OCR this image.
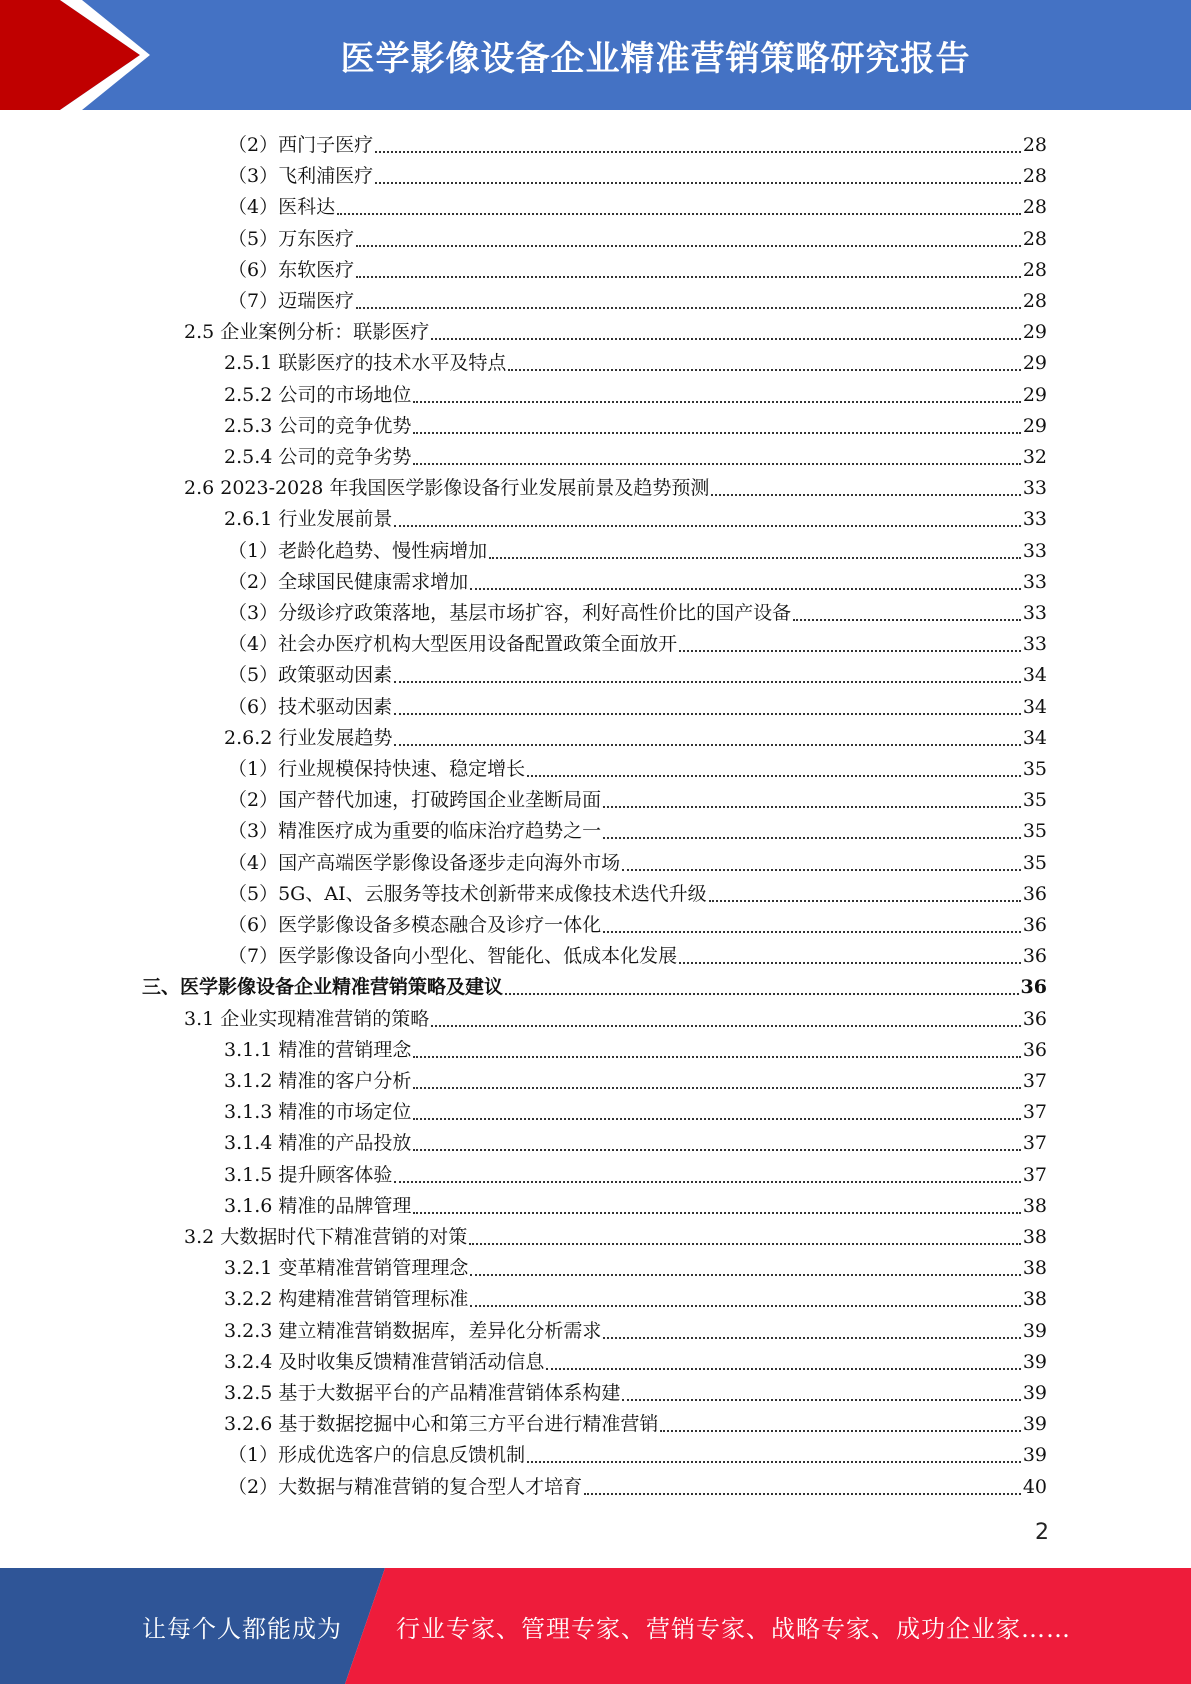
医学影像设备企业精准营销策略研究报告
（2）西门子医疗	28
（3）飞利浦医疗	28
（4）医科达	28
（5）万东医疗	28
（6）东软医疗	28
（7）迈瑞医疗	28
2.5 企业案例分析：联影医疗	29
2.5.1 联影医疗的技术水平及特点	29
2.5.2 公司的市场地位	29
2.5.3 公司的竞争优势	29
2.5.4 公司的竞争劣势	32
2.6 2023-2028 年我国医学影像设备行业发展前景及趋势预测	33
2.6.1 行业发展前景	33
（1）老龄化趋势、慢性病增加	33
（2）全球国民健康需求增加	33
（3）分级诊疗政策落地，基层市场扩容，利好高性价比的国产设备	33
（4）社会办医疗机构大型医用设备配置政策全面放开	33
（5）政策驱动因素	34
（6）技术驱动因素	34
2.6.2 行业发展趋势	34
（1）行业规模保持快速、稳定增长	35
（2）国产替代加速，打破跨国企业垄断局面	35
（3）精准医疗成为重要的临床治疗趋势之一	35
（4）国产高端医学影像设备逐步走向海外市场	35
（5）5G、AI、云服务等技术创新带来成像技术迭代升级	36
（6）医学影像设备多模态融合及诊疗一体化	36
（7）医学影像设备向小型化、智能化、低成本化发展	36
三、医学影像设备企业精准营销策略及建议	36
3.1 企业实现精准营销的策略	36
3.1.1 精准的营销理念	36
3.1.2 精准的客户分析	37
3.1.3 精准的市场定位	37
3.1.4 精准的产品投放	37
3.1.5 提升顾客体验	37
3.1.6 精准的品牌管理	38
3.2 大数据时代下精准营销的对策	38
3.2.1 变革精准营销管理理念	38
3.2.2 构建精准营销管理标准	38
3.2.3 建立精准营销数据库，差异化分析需求	39
3.2.4 及时收集反馈精准营销活动信息	39
3.2.5 基于大数据平台的产品精准营销体系构建	39
3.2.6 基于数据挖掘中心和第三方平台进行精准营销	39
（1）形成优选客户的信息反馈机制	39
（2）大数据与精准营销的复合型人才培育	40
2
让每个人都能成为 行业专家、管理专家、营销专家、战略专家、成功企业家……
